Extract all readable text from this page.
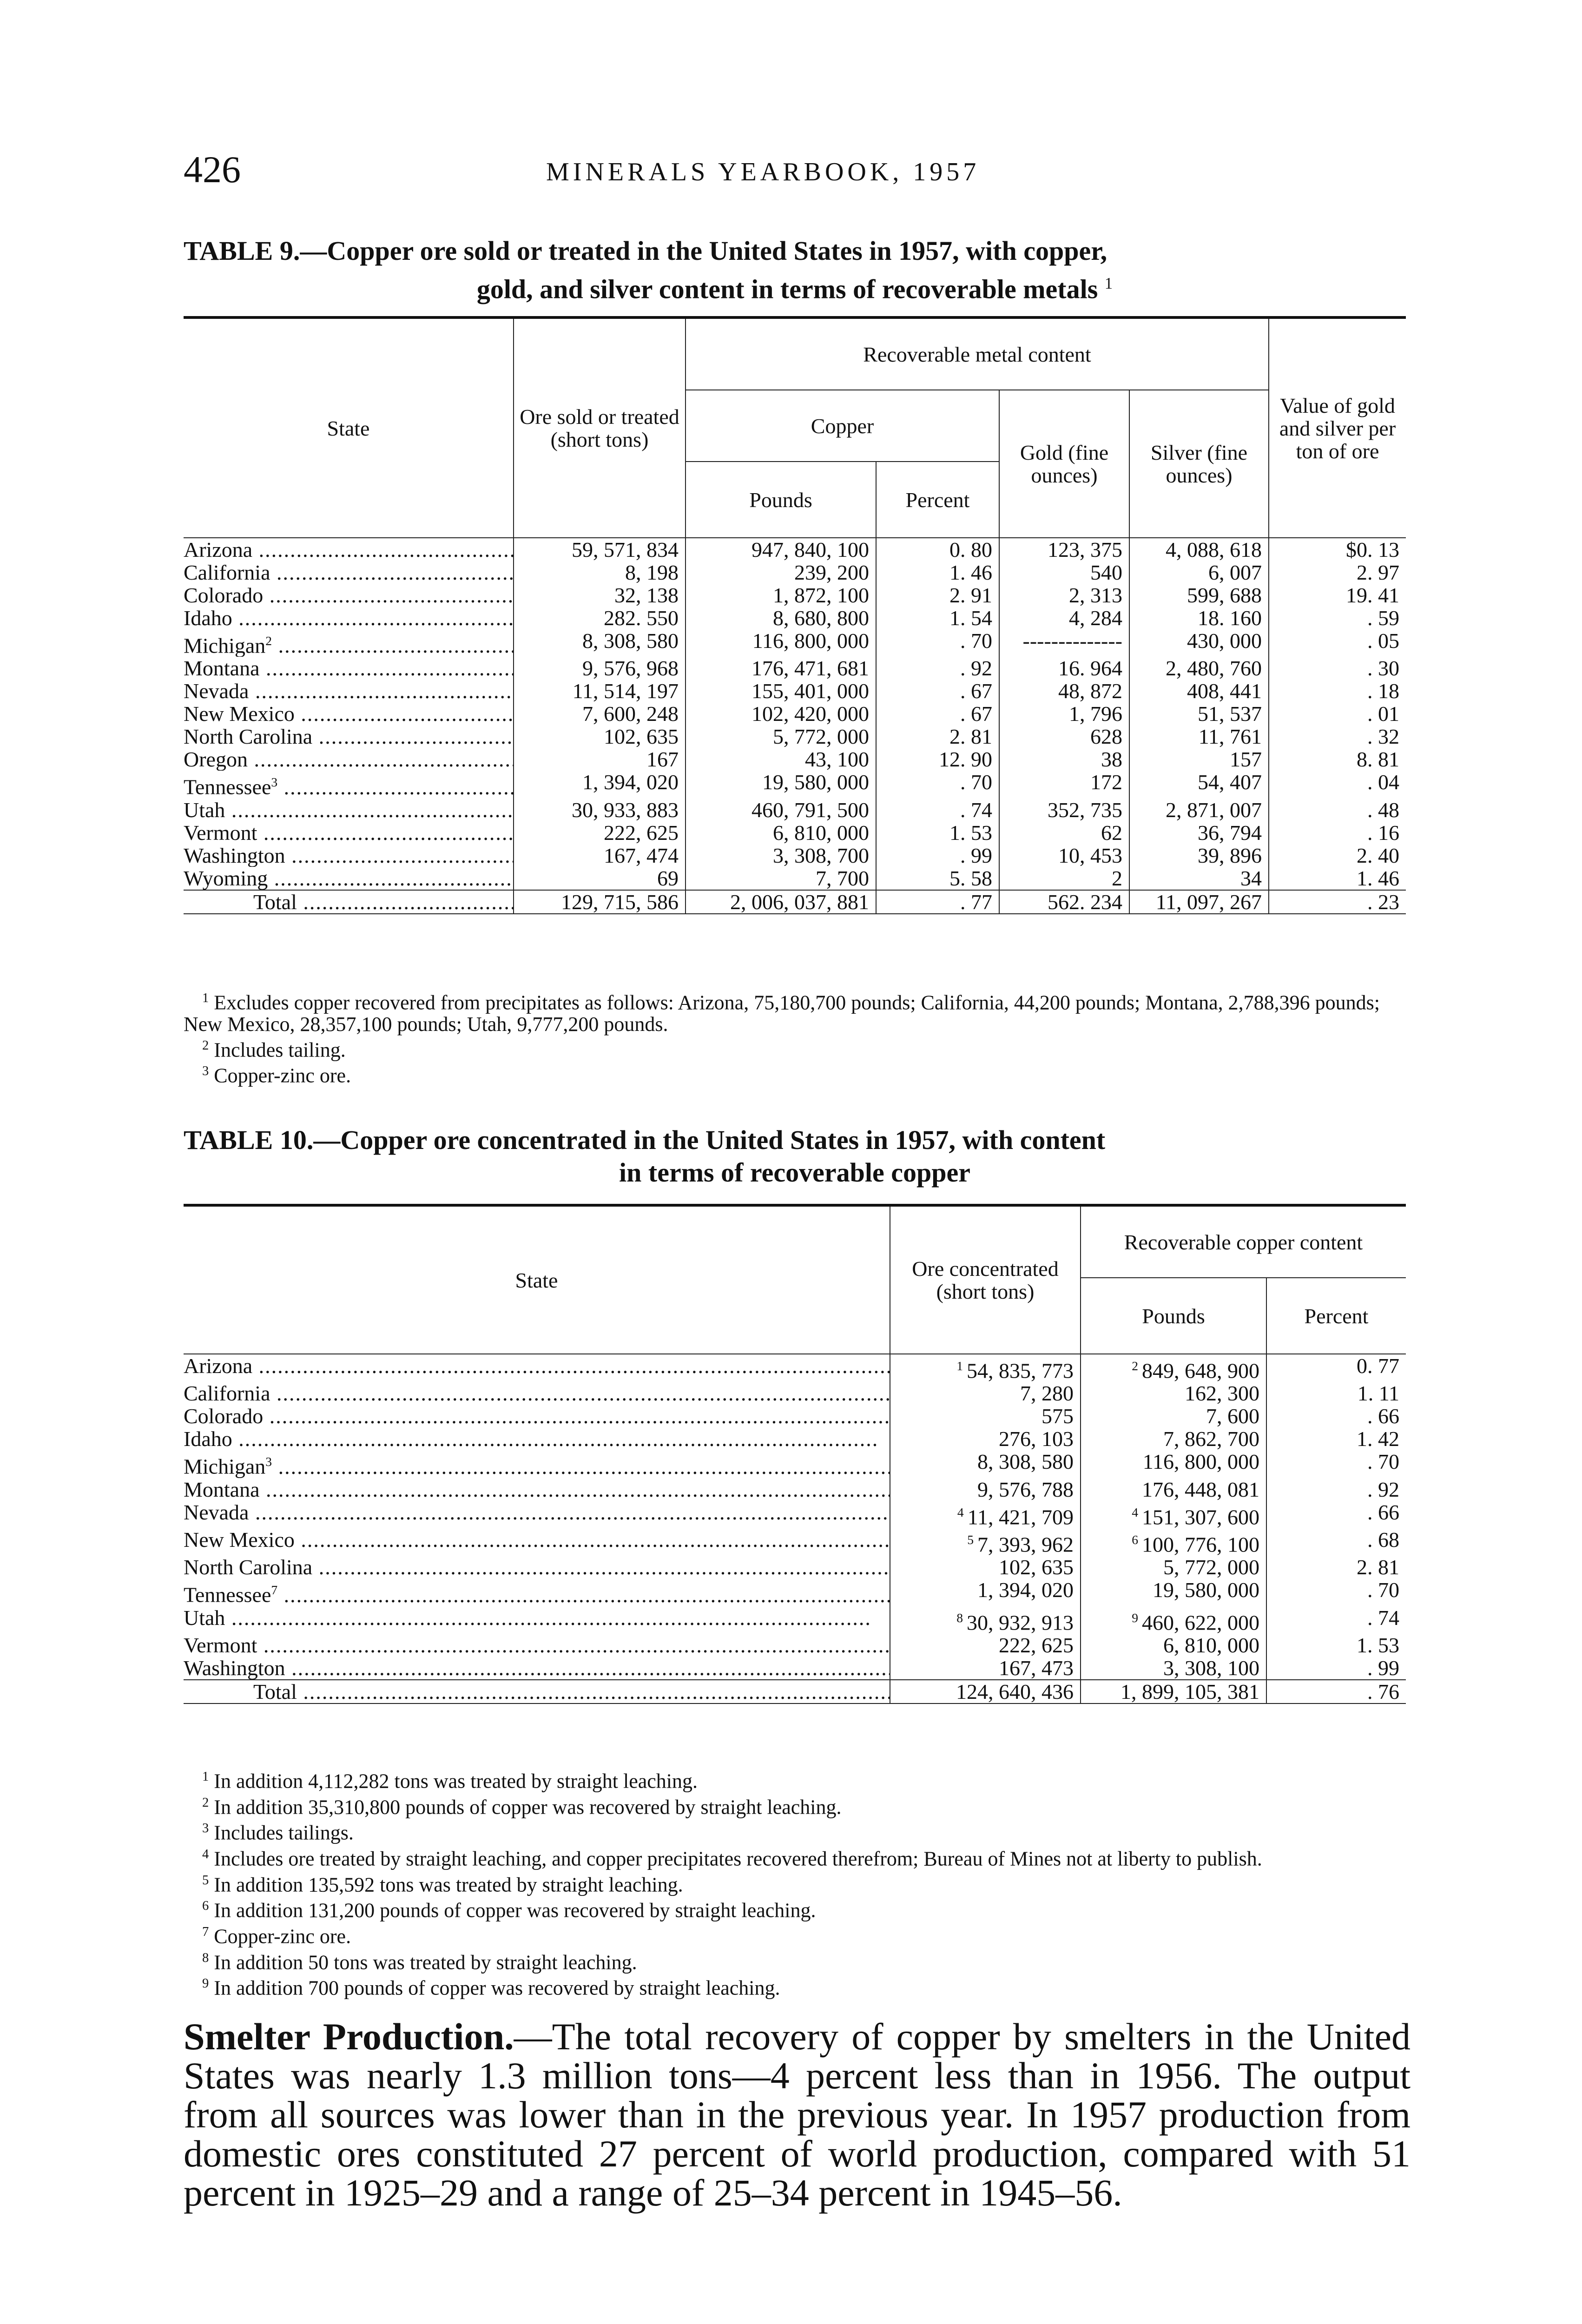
426	MINERALS YEARBOOK, 1957
TABLE 9.—Copper ore sold or treated in the United States in 1957, with copper,
gold, and silver content in terms of recoverable metals $^1$
State	Ore sold or treated (short tons)	Recoverable metal content				Value of gold and silver per ton of ore
		Copper		Gold (fine ounces)	Silver (fine ounces)	
		Pounds	Percent			
Arizona .....	59, 571, 834	947, 840, 100	0. 80	123, 375	4, 088, 618	$0. 13
California .....	8, 198	239, 200	1. 46	540	6, 007	2. 97
Colorado .....	32, 138	1, 872, 100	2. 91	2, 313	599, 688	19. 41
Idaho .....	282. 550	8, 680, 800	1. 54	4, 284	18. 160	. 59
Michigan$^2$ .....	8, 308, 580	116, 800, 000	. 70	--------------	430, 000	. 05
Montana .....	9, 576, 968	176, 471, 681	. 92	16. 964	2, 480, 760	. 30
Nevada .....	11, 514, 197	155, 401, 000	. 67	48, 872	408, 441	. 18
New Mexico .....	7, 600, 248	102, 420, 000	. 67	1, 796	51, 537	. 01
North Carolina .....	102, 635	5, 772, 000	2. 81	628	11, 761	. 32
Oregon .....	167	43, 100	12. 90	38	157	8. 81
Tennessee$^3$ .....	1, 394, 020	19, 580, 000	. 70	172	54, 407	. 04
Utah .....	30, 933, 883	460, 791, 500	. 74	352, 735	2, 871, 007	. 48
Vermont .....	222, 625	6, 810, 000	1. 53	62	36, 794	. 16
Washington .....	167, 474	3, 308, 700	. 99	10, 453	39, 896	2. 40
Wyoming .....	69	7, 700	5. 58	2	34	1. 46
Total .....	129, 715, 586	2, 006, 037, 881	. 77	562. 234	11, 097, 267	. 23

$^1$ Excludes copper recovered from precipitates as follows: Arizona, 75,180,700 pounds; California, 44,200 pounds; Montana, 2,788,396 pounds; New Mexico, 28,357,100 pounds; Utah, 9,777,200 pounds.

$^2$ Includes tailing.

$^3$ Copper-zinc ore.

TABLE 10.—Copper ore concentrated in the United States in 1957, with content
in terms of recoverable copper
State	Ore concentrated (short tons)	Recoverable copper content	
		Pounds	Percent
Arizona .....	$^1$ 54, 835, 773	$^2$ 849, 648, 900	0. 77
California .....	7, 280	162, 300	1. 11
Colorado .....	575	7, 600	. 66
Idaho .....	276, 103	7, 862, 700	1. 42
Michigan$^3$ .....	8, 308, 580	116, 800, 000	. 70
Montana .....	9, 576, 788	176, 448, 081	. 92
Nevada .....	$^4$ 11, 421, 709	$^4$ 151, 307, 600	. 66
New Mexico .....	$^5$ 7, 393, 962	$^6$ 100, 776, 100	. 68
North Carolina .....	102, 635	5, 772, 000	2. 81
Tennessee$^7$ .....	1, 394, 020	19, 580, 000	. 70
Utah .....	$^8$ 30, 932, 913	$^9$ 460, 622, 000	. 74
Vermont .....	222, 625	6, 810, 000	1. 53
Washington .....	167, 473	3, 308, 100	. 99
Total .....	124, 640, 436	1, 899, 105, 381	. 76

$^1$ In addition 4,112,282 tons was treated by straight leaching.

$^2$ In addition 35,310,800 pounds of copper was recovered by straight leaching.

$^3$ Includes tailings.

$^4$ Includes ore treated by straight leaching, and copper precipitates recovered therefrom; Bureau of Mines not at liberty to publish.

$^5$ In addition 135,592 tons was treated by straight leaching.

$^6$ In addition 131,200 pounds of copper was recovered by straight leaching.

$^7$ Copper-zinc ore.

$^8$ In addition 50 tons was treated by straight leaching.

$^9$ In addition 700 pounds of copper was recovered by straight leaching.

Smelter Production.—The total recovery of copper by smelters in the United States was nearly 1.3 million tons—4 percent less than in 1956. The output from all sources was lower than in the previous year. In 1957 production from domestic ores constituted 27 percent of world production, compared with 51 percent in 1925–29 and a range of 25–34 percent in 1945–56.
